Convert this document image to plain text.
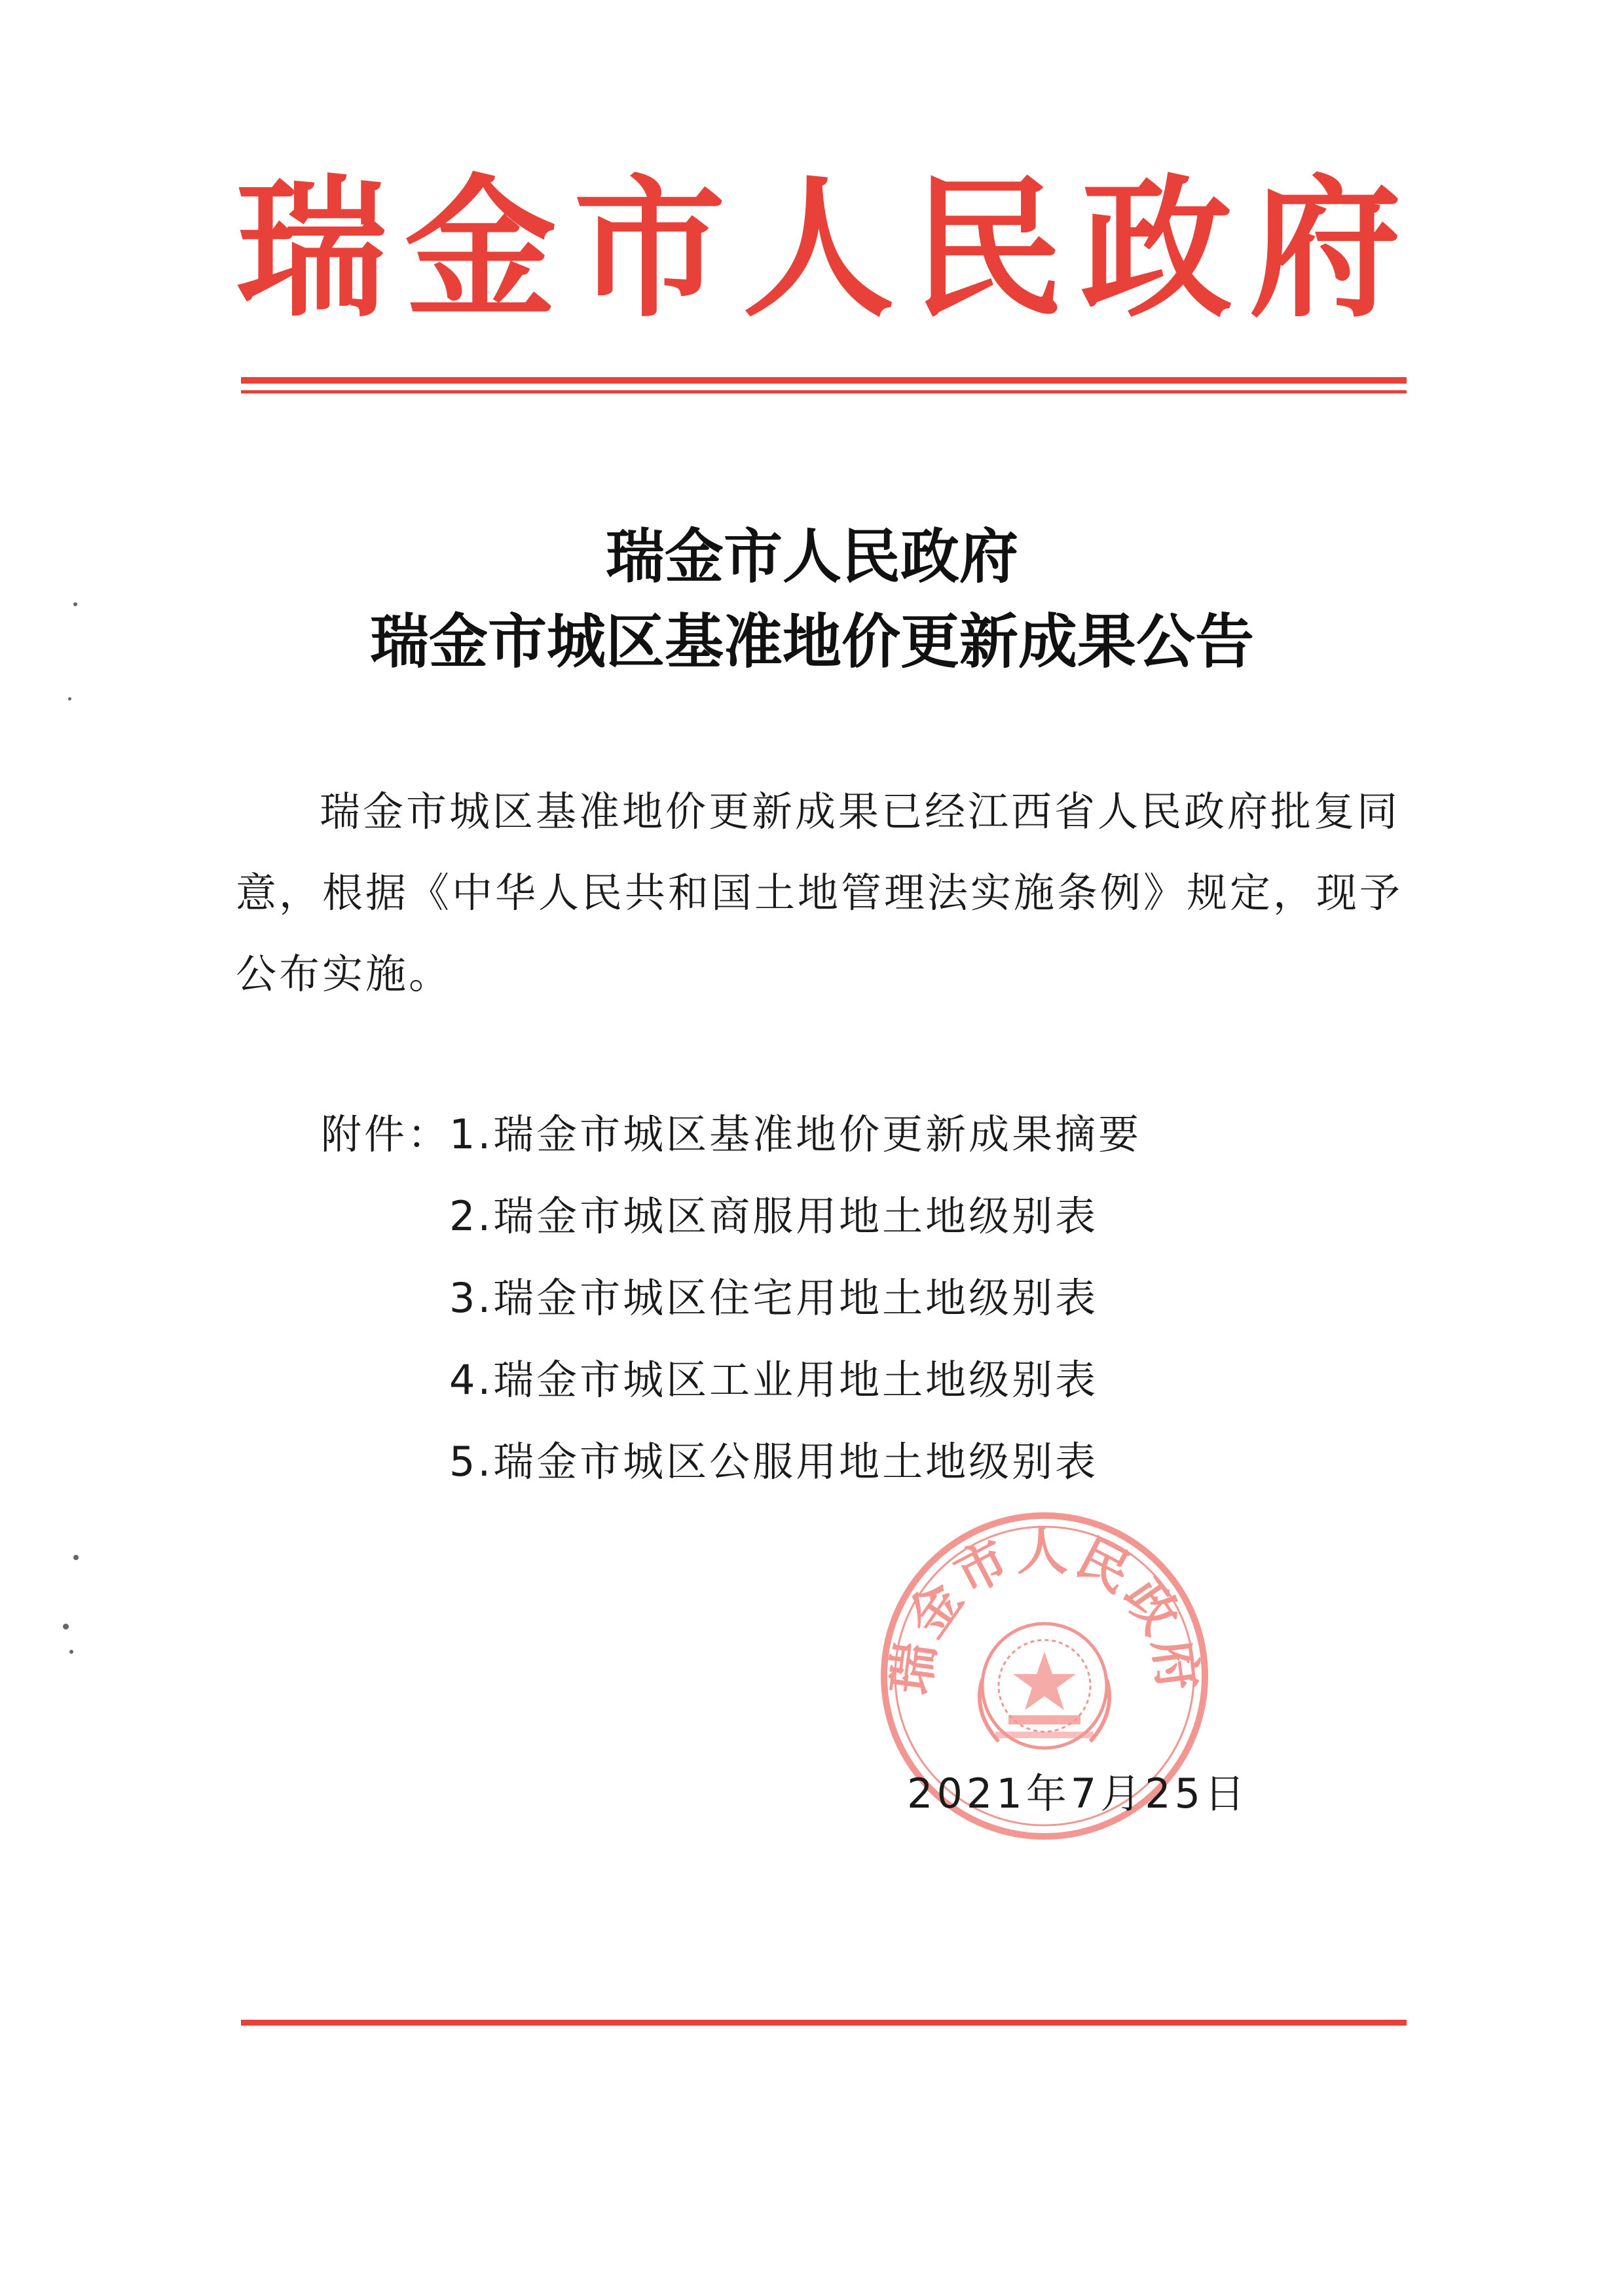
瑞 金 市 人 民 政 府
瑞金市人民政府
瑞金市城区基准地价更新成果公告
瑞金市城区基准地价更新成果已经江西省人民政府批复同意，根据《中华人民共和国土地管理法实施条例》规定，现予公布实施。
附件：
1.瑞金市城区基准地价更新成果摘要
2.瑞金市城区商服用地土地级别表
3.瑞金市城区住宅用地土地级别表
4.瑞金市城区工业用地土地级别表
5.瑞金市城区公服用地土地级别表
瑞金市人民政府
2021年7月25日
